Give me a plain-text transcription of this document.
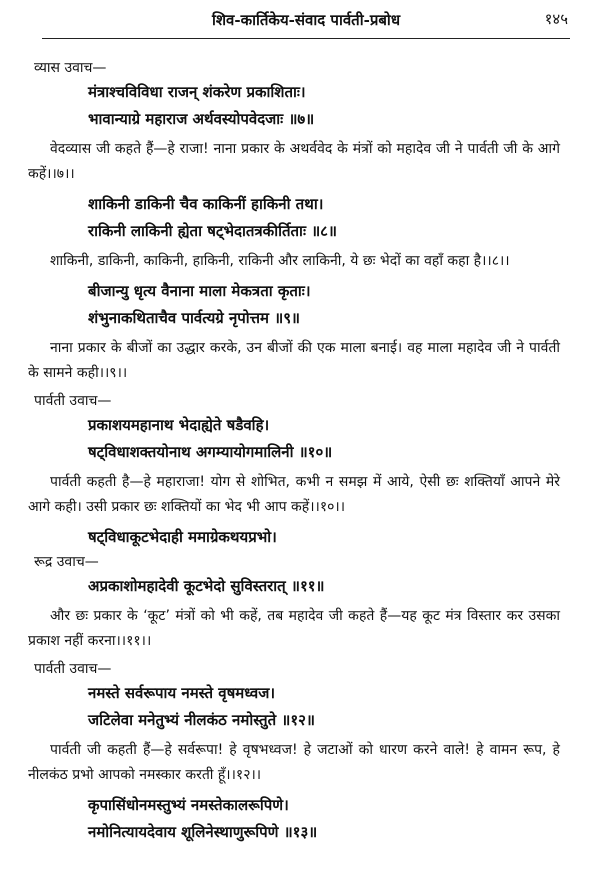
शिव-कार्तिकेय-संवाद पार्वती-प्रबोध	१४५
व्यास उवाच—
मंत्राश्चविविधा राजन् शंकरेण प्रकाशिताः।
भावान्याग्रे महाराज अर्थवस्योपवेदजाः ॥७॥
वेदव्यास जी कहते हैं—हे राजा! नाना प्रकार के अथर्ववेद के मंत्रों को महादेव जी ने पार्वती जी के आगे कहें।।७।।
शाकिनी डाकिनी चैव काकिनीं हाकिनी तथा।
राकिनी लाकिनी ह्येता षट्भेदातत्रकीर्तिताः ॥८॥
शाकिनी, डाकिनी, काकिनी, हाकिनी, राकिनी और लाकिनी, ये छः भेदों का वहाँ कहा है।।८।।
बीजान्यु धृत्य वैनाना माला मेकत्रता कृताः।
शंभुनाकथिताचैव पार्वत्यग्रे नृपोत्तम ॥९॥
नाना प्रकार के बीजों का उद्धार करके, उन बीजों की एक माला बनाई। वह माला महादेव जी ने पार्वती के सामने कही।।९।।
पार्वती उवाच—
प्रकाशयमहानाथ भेदाह्येते षडैवहि।
षट्विधाशक्तयोनाथ अगम्यायोगमालिनी ॥१०॥
पार्वती कहती है—हे महाराजा! योग से शोभित, कभी न समझ में आये, ऐसी छः शक्तियाँ आपने मेरे आगे कही। उसी प्रकार छः शक्तियों का भेद भी आप कहें।।१०।।
षट्विधाकूटभेदाही ममाग्रेकथयप्रभो।
रूद्र उवाच—
अप्रकाशोमहादेवी कूटभेदो सुविस्तरात् ॥११॥
और छः प्रकार के ‘कूट’ मंत्रों को भी कहें, तब महादेव जी कहते हैं—यह कूट मंत्र विस्तार कर उसका प्रकाश नहीं करना।।११।।
पार्वती उवाच—
नमस्ते सर्वरूपाय नमस्ते वृषमध्वज।
जटिलेवा मनेतुभ्यं नीलकंठ नमोस्तुते ॥१२॥
पार्वती जी कहती हैं—हे सर्वरूपा! हे वृषभध्वज! हे जटाओं को धारण करने वाले! हे वामन रूप, हे नीलकंठ प्रभो आपको नमस्कार करती हूँ।।१२।।
कृपासिंधोनमस्तुभ्यं नमस्तेकालरूपिणे।
नमोनित्यायदेवाय शूलिनेस्थाणुरूपिणे ॥१३॥
